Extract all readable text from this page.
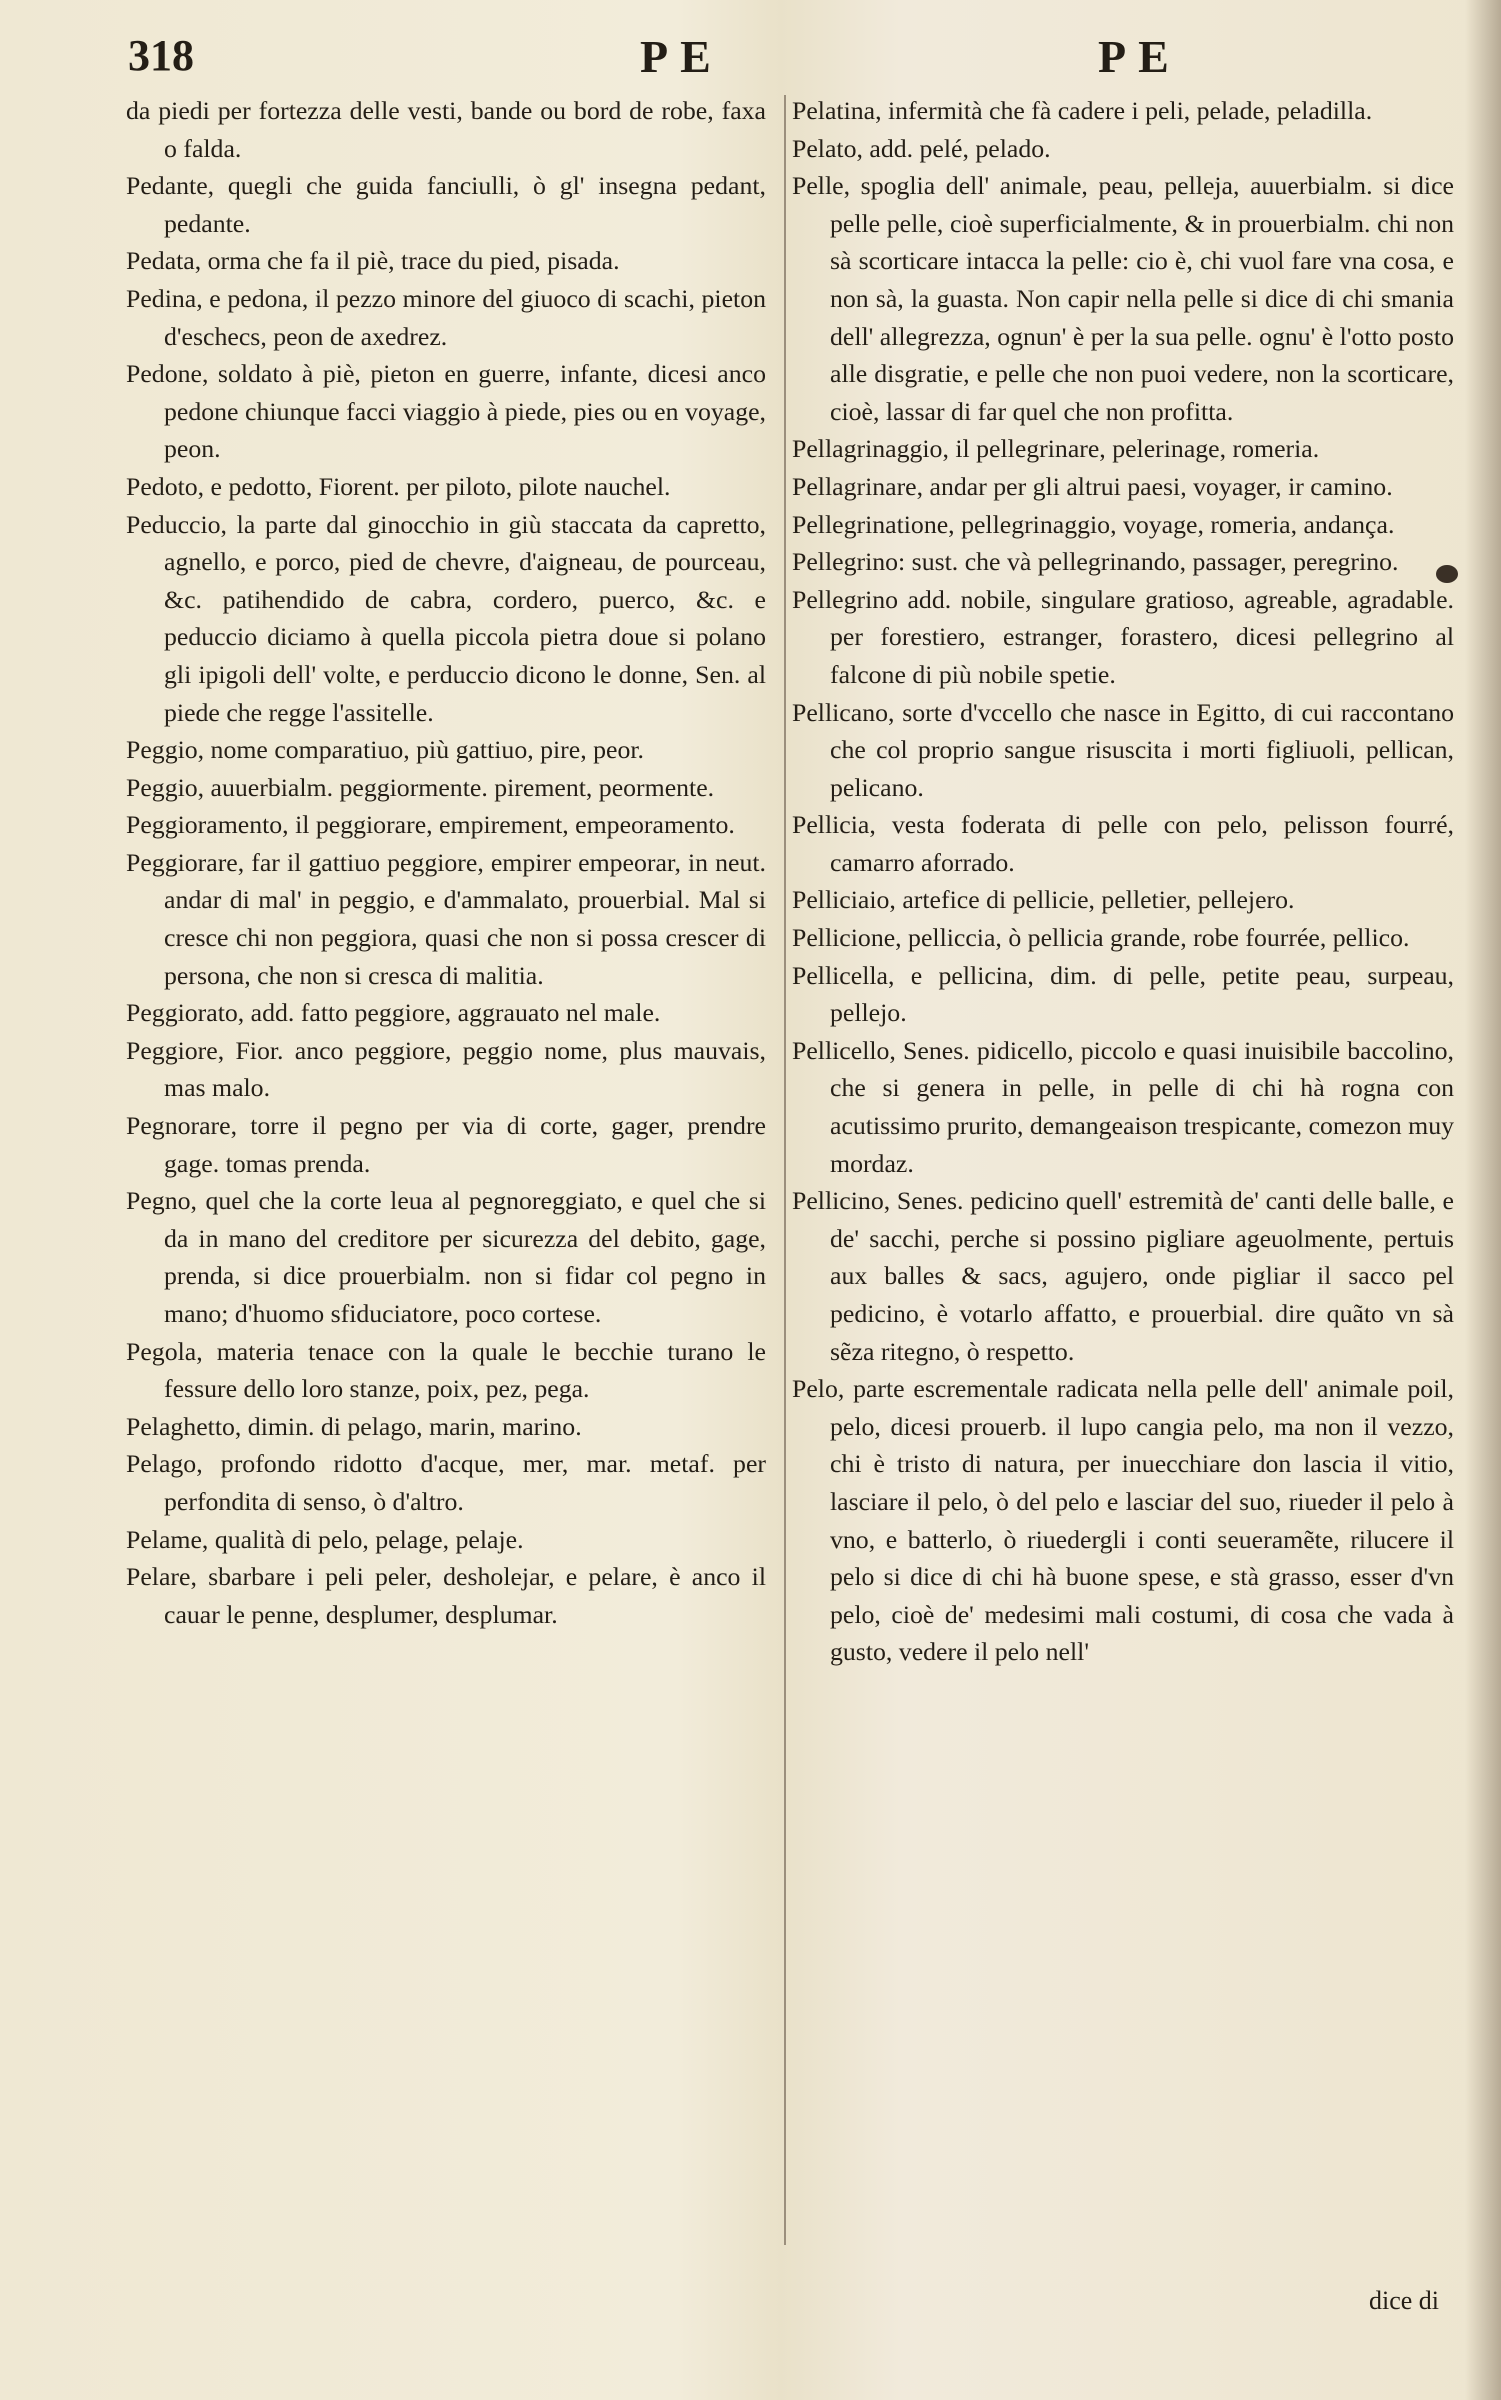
318	PE	PE

da piedi per fortezza delle vesti, bande ou bord de robe, faxa o falda.

Pedante, quegli che guida fanciulli, ò gl' insegna pedant, pedante.

Pedata, orma che fa il piè, trace du pied, pisada.

Pedina, e pedona, il pezzo minore del giuoco di scachi, pieton d'eschecs, peon de axedrez.

Pedone, soldato à piè, pieton en guerre, infante, dicesi anco pedone chiunque facci viaggio à piede, pies ou en voyage, peon.

Pedoto, e pedotto, Fiorent. per piloto, pilote nauchel.

Peduccio, la parte dal ginocchio in giù staccata da capretto, agnello, e porco, pied de chevre, d'aigneau, de pourceau, &c. patihendido de cabra, cordero, puerco, &c. e peduccio diciamo à quella piccola pietra doue si polano gli ipigoli dell' volte, e perduccio dicono le donne, Sen. al piede che regge l'assitelle.

Peggio, nome comparatiuo, più gattiuo, pire, peor.

Peggio, auuerbialm. peggiormente. pirement, peormente.

Peggioramento, il peggiorare, empirement, empeoramento.

Peggiorare, far il gattiuo peggiore, empirer empeorar, in neut. andar di mal' in peggio, e d'ammalato, prouerbial. Mal si cresce chi non peggiora, quasi che non si possa crescer di persona, che non si cresca di malitia.

Peggiorato, add. fatto peggiore, aggrauato nel male.

Peggiore, Fior. anco peggiore, peggio nome, plus mauvais, mas malo.

Pegnorare, torre il pegno per via di corte, gager, prendre gage. tomas prenda.

Pegno, quel che la corte leua al pegnoreggiato, e quel che si da in mano del creditore per sicurezza del debito, gage, prenda, si dice prouerbialm. non si fidar col pegno in mano; d'huomo sfiduciatore, poco cortese.

Pegola, materia tenace con la quale le becchie turano le fessure dello loro stanze, poix, pez, pega.

Pelaghetto, dimin. di pelago, marin, marino.

Pelago, profondo ridotto d'acque, mer, mar. metaf. per perfondita di senso, ò d'altro.

Pelame, qualità di pelo, pelage, pelaje.

Pelare, sbarbare i peli peler, desholejar, e pelare, è anco il cauar le penne, desplumer, desplumar.

Pelatina, infermità che fà cadere i peli, pelade, peladilla.

Pelato, add. pelé, pelado.

Pelle, spoglia dell' animale, peau, pelleja, auuerbialm. si dice pelle pelle, cioè superficialmente, & in prouerbialm. chi non sà scorticare intacca la pelle: cio è, chi vuol fare vna cosa, e non sà, la guasta. Non capir nella pelle si dice di chi smania dell' allegrezza, ognun' è per la sua pelle. ognu' è l'otto posto alle disgratie, e pelle che non puoi vedere, non la scorticare, cioè, lassar di far quel che non profitta.

Pellagrinaggio, il pellegrinare, pelerinage, romeria.

Pellagrinare, andar per gli altrui paesi, voyager, ir camino.

Pellegrinatione, pellegrinaggio, voyage, romeria, andança.

Pellegrino: sust. che và pellegrinando, passager, peregrino.

Pellegrino add. nobile, singulare gratioso, agreable, agradable. per forestiero, estranger, forastero, dicesi pellegrino al falcone di più nobile spetie.

Pellicano, sorte d'vccello che nasce in Egitto, di cui raccontano che col proprio sangue risuscita i morti figliuoli, pellican, pelicano.

Pellicia, vesta foderata di pelle con pelo, pelisson fourré, camarro aforrado.

Pelliciaio, artefice di pellicie, pelletier, pellejero.

Pellicione, pelliccia, ò pellicia grande, robe fourrée, pellico.

Pellicella, e pellicina, dim. di pelle, petite peau, surpeau, pellejo.

Pellicello, Senes. pidicello, piccolo e quasi inuisibile baccolino, che si genera in pelle, in pelle di chi hà rogna con acutissimo prurito, demangeaison trespicante, comezon muy mordaz.

Pellicino, Senes. pedicino quell' estremità de' canti delle balle, e de' sacchi, perche si possino pigliare ageuolmente, pertuis aux balles & sacs, agujero, onde pigliar il sacco pel pedicino, è votarlo affatto, e prouerbial. dire quãto vn sà sẽza ritegno, ò respetto.

Pelo, parte escrementale radicata nella pelle dell' animale poil, pelo, dicesi prouerb. il lupo cangia pelo, ma non il vezzo, chi è tristo di natura, per inuecchiare don lascia il vitio, lasciare il pelo, ò del pelo e lasciar del suo, riueder il pelo à vno, e batterlo, ò riuedergli i conti seueramẽte, rilucere il pelo si dice di chi hà buone spese, e stà grasso, esser d'vn pelo, cioè de' medesimi mali costumi, di cosa che vada à gusto, vedere il pelo nell'

dice di
